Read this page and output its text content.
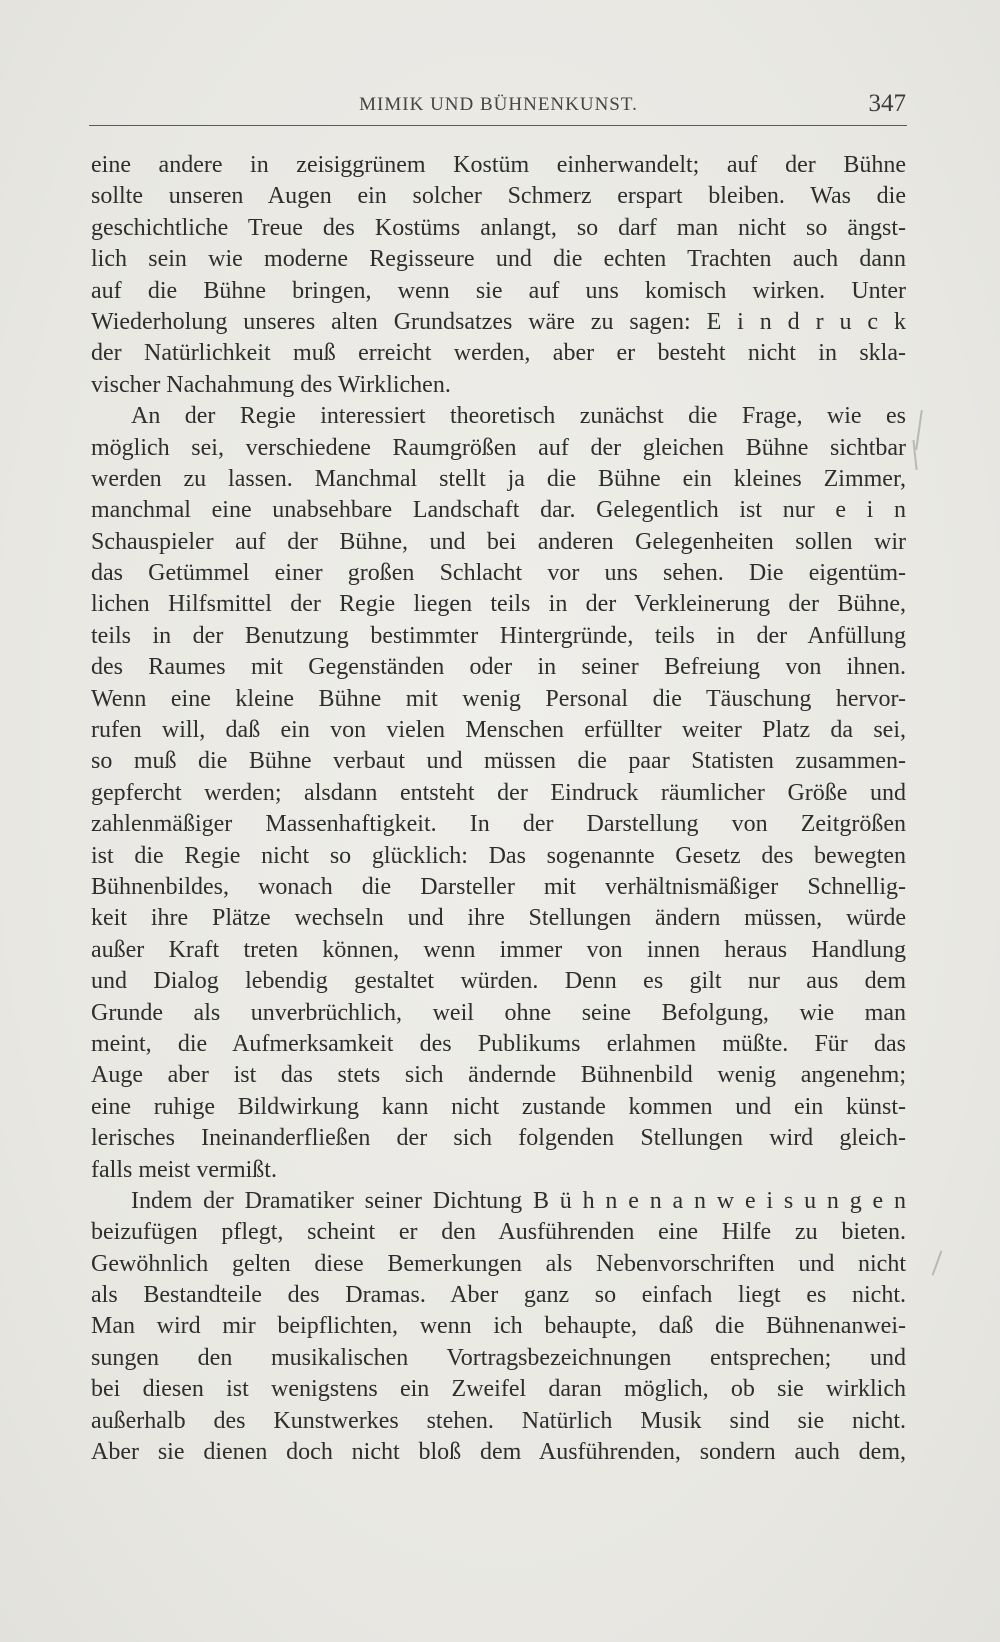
MIMIK UND BÜHNENKUNST.	347
eine andere in zeisiggrünem Kostüm einherwandelt; auf der Bühne
sollte unseren Augen ein solcher Schmerz erspart bleiben. Was die
geschichtliche Treue des Kostüms anlangt, so darf man nicht so ängst-
lich sein wie moderne Regisseure und die echten Trachten auch dann
auf die Bühne bringen, wenn sie auf uns komisch wirken. Unter
Wiederholung unseres alten Grundsatzes wäre zu sagen: E i n d r u c k
der Natürlichkeit muß erreicht werden, aber er besteht nicht in skla-
vischer Nachahmung des Wirklichen.
An der Regie interessiert theoretisch zunächst die Frage, wie es
möglich sei, verschiedene Raumgrößen auf der gleichen Bühne sichtbar
werden zu lassen. Manchmal stellt ja die Bühne ein kleines Zimmer,
manchmal eine unabsehbare Landschaft dar. Gelegentlich ist nur e i n
Schauspieler auf der Bühne, und bei anderen Gelegenheiten sollen wir
das Getümmel einer großen Schlacht vor uns sehen. Die eigentüm-
lichen Hilfsmittel der Regie liegen teils in der Verkleinerung der Bühne,
teils in der Benutzung bestimmter Hintergründe, teils in der Anfüllung
des Raumes mit Gegenständen oder in seiner Befreiung von ihnen.
Wenn eine kleine Bühne mit wenig Personal die Täuschung hervor-
rufen will, daß ein von vielen Menschen erfüllter weiter Platz da sei,
so muß die Bühne verbaut und müssen die paar Statisten zusammen-
gepfercht werden; alsdann entsteht der Eindruck räumlicher Größe und
zahlenmäßiger Massenhaftigkeit. In der Darstellung von Zeitgrößen
ist die Regie nicht so glücklich: Das sogenannte Gesetz des bewegten
Bühnenbildes, wonach die Darsteller mit verhältnismäßiger Schnellig-
keit ihre Plätze wechseln und ihre Stellungen ändern müssen, würde
außer Kraft treten können, wenn immer von innen heraus Handlung
und Dialog lebendig gestaltet würden. Denn es gilt nur aus dem
Grunde als unverbrüchlich, weil ohne seine Befolgung, wie man
meint, die Aufmerksamkeit des Publikums erlahmen müßte. Für das
Auge aber ist das stets sich ändernde Bühnenbild wenig angenehm;
eine ruhige Bildwirkung kann nicht zustande kommen und ein künst-
lerisches Ineinanderfließen der sich folgenden Stellungen wird gleich-
falls meist vermißt.
Indem der Dramatiker seiner Dichtung B ü h n e n a n w e i s u n g e n
beizufügen pflegt, scheint er den Ausführenden eine Hilfe zu bieten.
Gewöhnlich gelten diese Bemerkungen als Nebenvorschriften und nicht
als Bestandteile des Dramas. Aber ganz so einfach liegt es nicht.
Man wird mir beipflichten, wenn ich behaupte, daß die Bühnenanwei-
sungen den musikalischen Vortragsbezeichnungen entsprechen; und
bei diesen ist wenigstens ein Zweifel daran möglich, ob sie wirklich
außerhalb des Kunstwerkes stehen. Natürlich Musik sind sie nicht.
Aber sie dienen doch nicht bloß dem Ausführenden, sondern auch dem,
